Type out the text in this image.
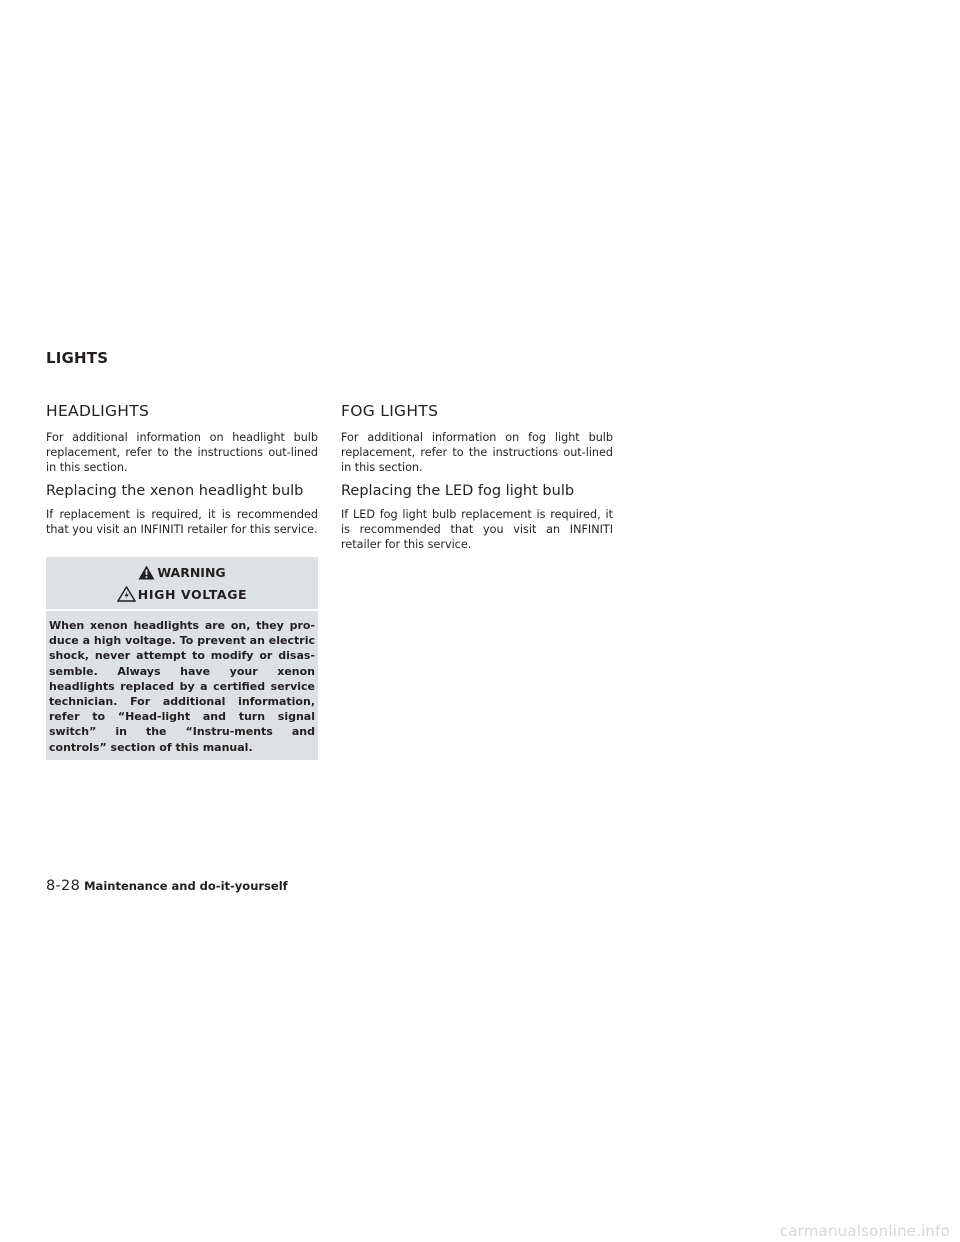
LIGHTS
HEADLIGHTS

For additional information on headlight bulb replacement, refer to the instructions out-lined in this section.

Replacing the xenon headlight bulb

If replacement is required, it is recommended that you visit an INFINITI retailer for this service.

WARNING
HIGH VOLTAGE

When xenon headlights are on, they pro-duce a high voltage. To prevent an electric shock, never attempt to modify or disas-semble. Always have your xenon headlights replaced by a certified service technician. For additional information, refer to “Head-light and turn signal switch” in the “Instru-ments and controls” section of this manual.

FOG LIGHTS

For additional information on fog light bulb replacement, refer to the instructions out-lined in this section.

Replacing the LED fog light bulb

If LED fog light bulb replacement is required, it is recommended that you visit an INFINITI retailer for this service.

8-28 Maintenance and do-it-yourself
carmanualsonline.info
